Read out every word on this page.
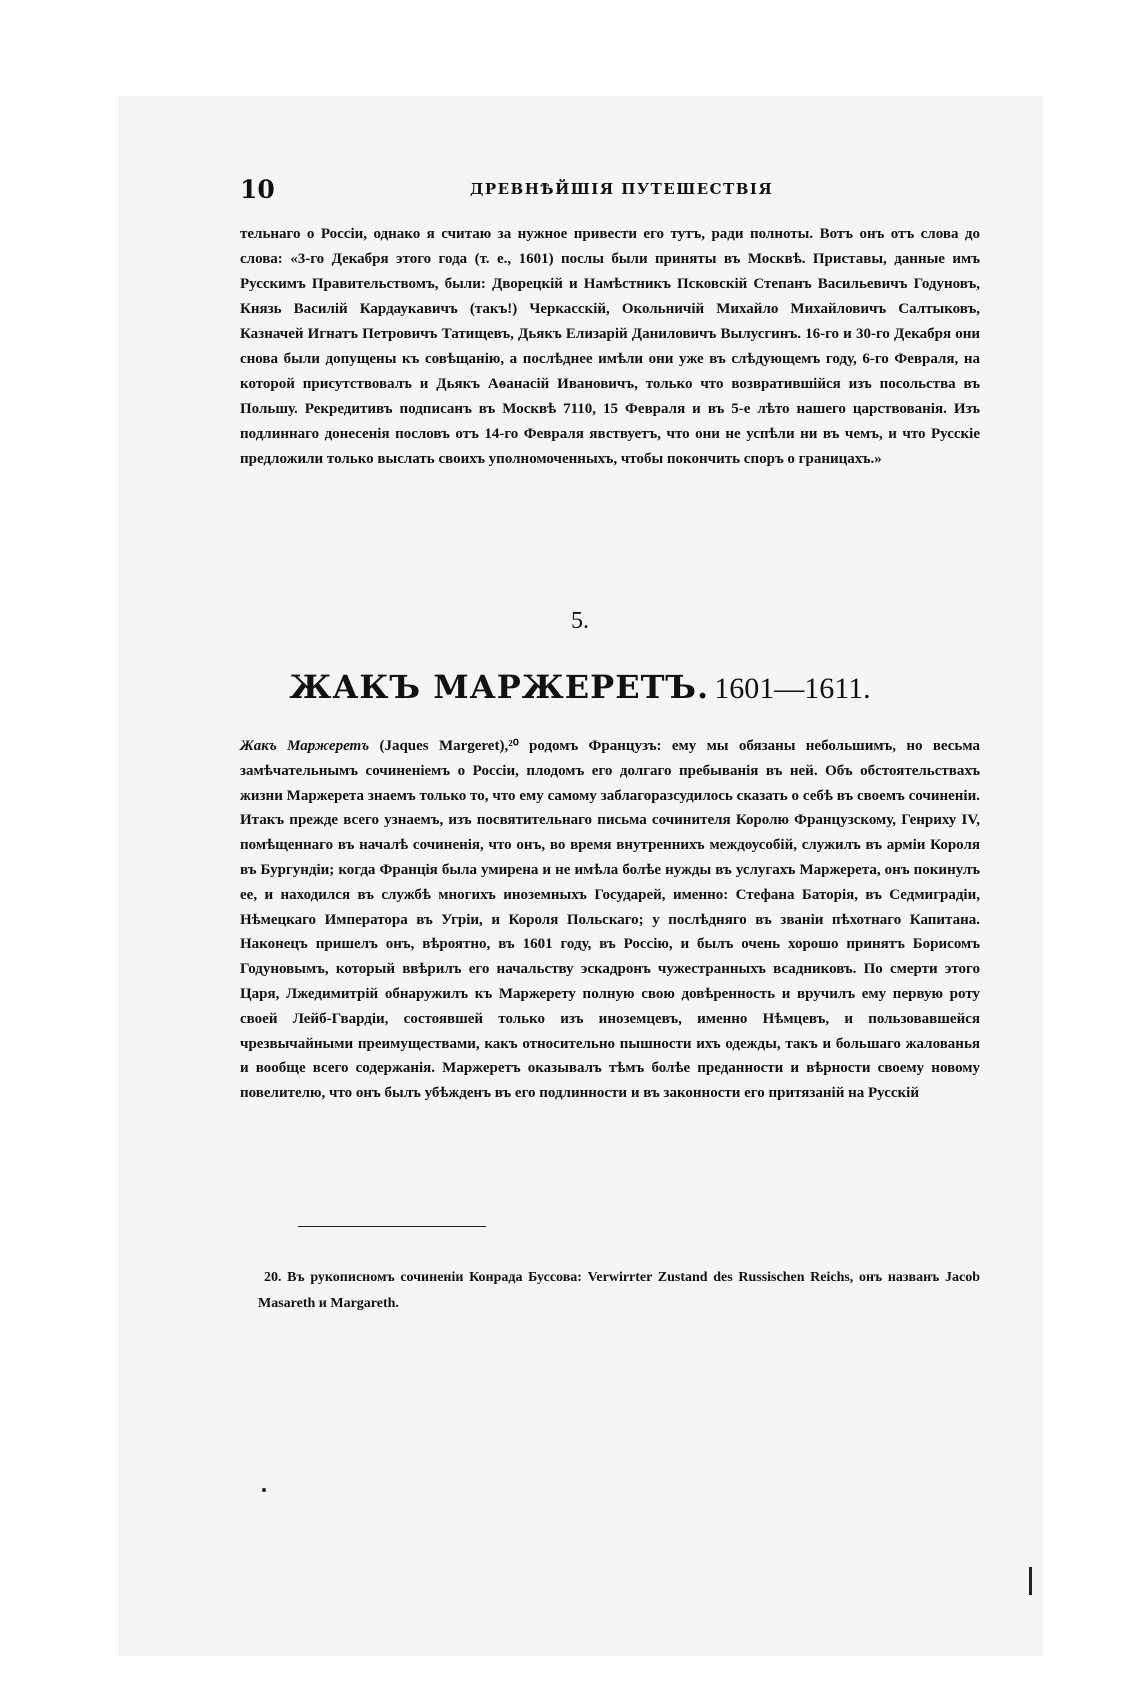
10	ДРЕВНѢЙШІЯ ПУТЕШЕСТВІЯ
тельнаго о Россіи, однако я считаю за нужное привести его тутъ, ради полноты. Вотъ онъ отъ слова до слова: «3-го Декабря этого года (т. е., 1601) послы были приняты въ Москвѣ. Приставы, данные имъ Русскимъ Правительствомъ, были: Дворецкій и Намѣстникъ Псковскій Степанъ Васильевичъ Годуновъ, Князь Василій Кардаукавичъ (такъ!) Черкасскій, Окольничій Михайло Михайловичъ Салтыковъ, Казначей Игнатъ Петровичъ Татищевъ, Дьякъ Елизарій Даниловичъ Вылусгинъ. 16-го и 30-го Декабря они снова были допущены къ совѣщанію, а послѣднее имѣли они уже въ слѣдующемъ году, 6-го Февраля, на которой присутствовалъ и Дьякъ Аѳанасій Ивановичъ, только что возвратившійся изъ посольства въ Польшу. Рекредитивъ подписанъ въ Москвѣ 7110, 15 Февраля и въ 5-е лѣто нашего царствованія. Изъ подлиннаго донесенія пословъ отъ 14-го Февраля явствуетъ, что они не успѣли ни въ чемъ, и что Русскіе предложили только выслать своихъ уполномоченныхъ, чтобы покончить споръ о границахъ.»
5.
ЖАКЪ МАРЖЕРЕТЪ. 1601—1611.
Жакъ Маржеретъ (Jaques Margeret),²⁰ родомъ Французъ: ему мы обязаны небольшимъ, но весьма замѣчательнымъ сочиненіемъ о Россіи, плодомъ его долгаго пребыванія въ ней. Объ обстоятельствахъ жизни Маржерета знаемъ только то, что ему самому заблагоразсудилось сказать о себѣ въ своемъ сочиненіи. Итакъ прежде всего узнаемъ, изъ посвятительнаго письма сочинителя Королю Французскому, Генриху IV, помѣщеннаго въ началѣ сочиненія, что онъ, во время внутреннихъ междоусобій, служилъ въ арміи Короля въ Бургундіи; когда Франція была умирена и не имѣла болѣе нужды въ услугахъ Маржерета, онъ покинулъ ее, и находился въ службѣ многихъ иноземныхъ Государей, именно: Стефана Баторія, въ Седмиградіи, Нѣмецкаго Императора въ Угріи, и Короля Польскаго; у послѣдняго въ званіи пѣхотнаго Капитана. Наконецъ пришелъ онъ, вѣроятно, въ 1601 году, въ Россію, и былъ очень хорошо принятъ Борисомъ Годуновымъ, который ввѣрилъ его начальству эскадронъ чужестранныхъ всадниковъ. По смерти этого Царя, Лжедимитрій обнаружилъ къ Маржерету полную свою довѣренность и вручилъ ему первую роту своей Лейб-Гвардіи, состоявшей только изъ иноземцевъ, именно Нѣмцевъ, и пользовавшейся чрезвычайными преимуществами, какъ относительно пышности ихъ одежды, такъ и большаго жалованья и вообще всего содержанія. Маржеретъ оказывалъ тѣмъ болѣе преданности и вѣрности своему новому повелителю, что онъ былъ убѣжденъ въ его подлинности и въ законности его притязаній на Русскій
20. Въ рукописномъ сочиненіи Конрада Буссова: Verwirrter Zustand des Russischen Reichs, онъ названъ Jacob Masareth и Margareth.
